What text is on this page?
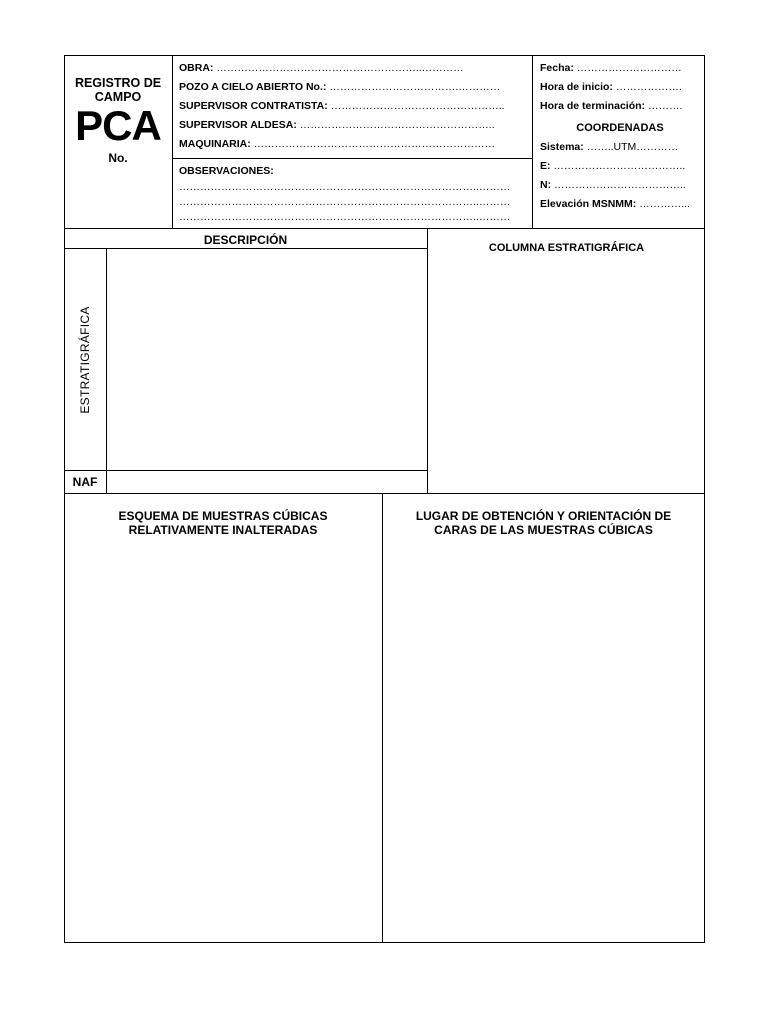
REGISTRO DE
CAMPO
PCA
No.
OBRA: …………………………………………………..…………
POZO A CIELO ABIERTO No.: ……………………………….…………
SUPERVISOR CONTRATISTA: …………………………………………..
SUPERVISOR ALDESA: ………………………………………………..
MAQUINARIA: ……………………………………………………………
OBSERVACIONES:
…………………………………………………………………………..………
…………………………………………………………………………..………
…………………………………………………………………………..………
Fecha: …………………………
Hora de inicio: ……………….
Hora de terminación: ……….
COORDENADAS
Sistema: ……..UTM…………
E: ………………………………..
N: ………………………………..
Elevación MSNMM: …………...
DESCRIPCIÓN
ESTRATIGRÁFICA
NAF
COLUMNA ESTRATIGRÁFICA
ESQUEMA DE MUESTRAS CÚBICAS
RELATIVAMENTE INALTERADAS
LUGAR DE OBTENCIÓN Y ORIENTACIÓN DE
CARAS DE LAS MUESTRAS CÚBICAS
